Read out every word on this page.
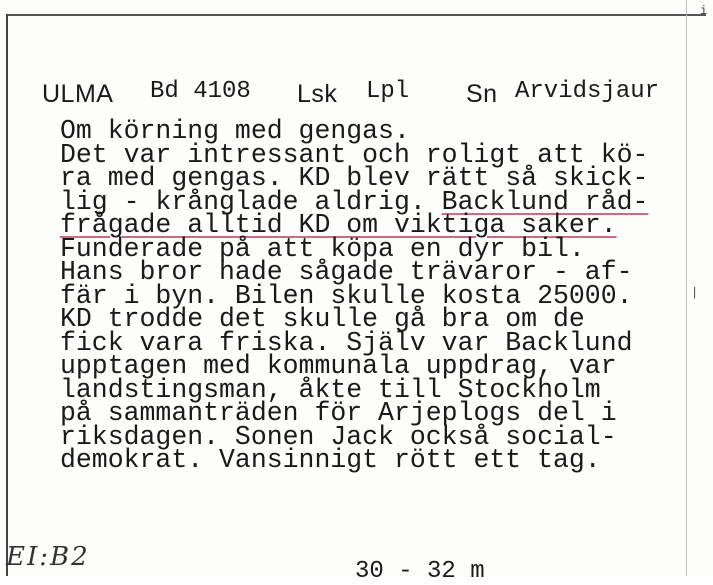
i
|
ULMA Bd 4108 Lsk Lpl Sn Arvidsjaur
Om körning med gengas.
Det var intressant och roligt att kö-
ra med gengas. KD blev rätt så skick-
lig - krånglade aldrig. Backlund råd-
frågade alltid KD om viktiga saker.
Funderade på att köpa en dyr bil.
Hans bror hade sågade trävaror - af-
fär i byn. Bilen skulle kosta 25000.
KD trodde det skulle gå bra om de
fick vara friska. Själv var Backlund
upptagen med kommunala uppdrag, var
landstingsman, åkte till Stockholm
på sammanträden för Arjeplogs del i
riksdagen. Sonen Jack också social-
demokrat. Vansinnigt rött ett tag.
EI:B2	30 - 32 m
